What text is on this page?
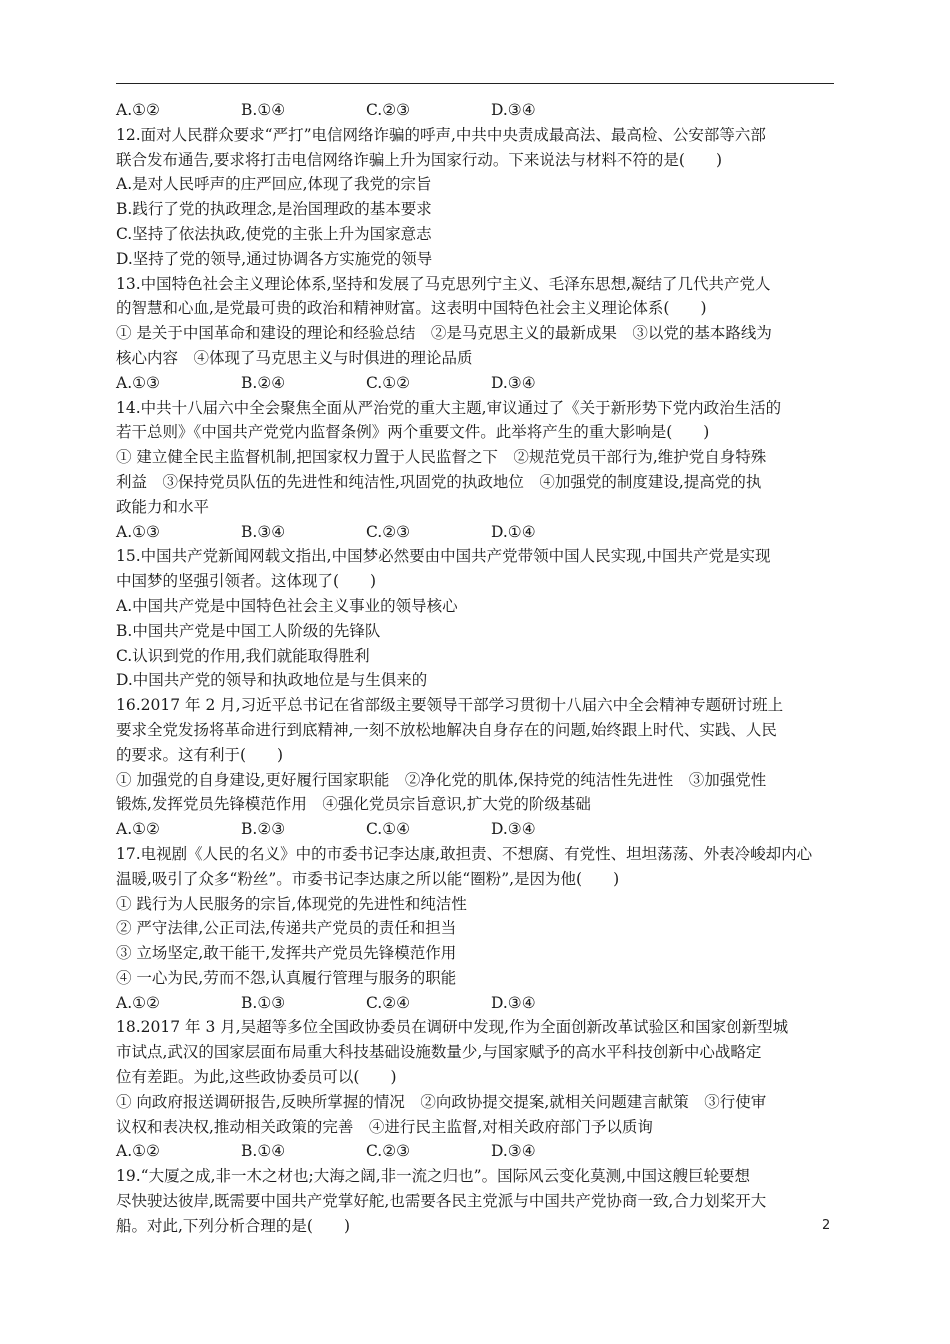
A.①②	B.①④	C.②③	D.③④
12.面对人民群众要求“严打”电信网络诈骗的呼声,中共中央责成最高法、最高检、公安部等六部
联合发布通告,要求将打击电信网络诈骗上升为国家行动。下来说法与材料不符的是(　　)
A.是对人民呼声的庄严回应,体现了我党的宗旨
B.践行了党的执政理念,是治国理政的基本要求
C.坚持了依法执政,使党的主张上升为国家意志
D.坚持了党的领导,通过协调各方实施党的领导
13.中国特色社会主义理论体系,坚持和发展了马克思列宁主义、毛泽东思想,凝结了几代共产党人
的智慧和心血,是党最可贵的政治和精神财富。这表明中国特色社会主义理论体系(　　)
① 是关于中国革命和建设的理论和经验总结　②是马克思主义的最新成果　③以党的基本路线为
核心内容　④体现了马克思主义与时俱进的理论品质
A.①③	B.②④	C.①②	D.③④
14.中共十八届六中全会聚焦全面从严治党的重大主题,审议通过了《关于新形势下党内政治生活的
若干总则》《中国共产党党内监督条例》两个重要文件。此举将产生的重大影响是(　　)
① 建立健全民主监督机制,把国家权力置于人民监督之下　②规范党员干部行为,维护党自身特殊
利益　③保持党员队伍的先进性和纯洁性,巩固党的执政地位　④加强党的制度建设,提高党的执
政能力和水平
A.①③	B.③④	C.②③	D.①④
15.中国共产党新闻网载文指出,中国梦必然要由中国共产党带领中国人民实现,中国共产党是实现
中国梦的坚强引领者。这体现了(　　)
A.中国共产党是中国特色社会主义事业的领导核心
B.中国共产党是中国工人阶级的先锋队
C.认识到党的作用,我们就能取得胜利
D.中国共产党的领导和执政地位是与生俱来的
16.2017 年 2 月,习近平总书记在省部级主要领导干部学习贯彻十八届六中全会精神专题研讨班上
要求全党发扬将革命进行到底精神,一刻不放松地解决自身存在的问题,始终跟上时代、实践、人民
的要求。这有利于(　　)
① 加强党的自身建设,更好履行国家职能　②净化党的肌体,保持党的纯洁性先进性　③加强党性
锻炼,发挥党员先锋模范作用　④强化党员宗旨意识,扩大党的阶级基础
A.①②	B.②③	C.①④	D.③④
17.电视剧《人民的名义》中的市委书记李达康,敢担责、不想腐、有党性、坦坦荡荡、外表冷峻却内心
温暖,吸引了众多“粉丝”。市委书记李达康之所以能“圈粉”,是因为他(　　)
① 践行为人民服务的宗旨,体现党的先进性和纯洁性
② 严守法律,公正司法,传递共产党员的责任和担当
③ 立场坚定,敢干能干,发挥共产党员先锋模范作用
④ 一心为民,劳而不怨,认真履行管理与服务的职能
A.①②	B.①③	C.②④	D.③④
18.2017 年 3 月,吴超等多位全国政协委员在调研中发现,作为全面创新改革试验区和国家创新型城
市试点,武汉的国家层面布局重大科技基础设施数量少,与国家赋予的高水平科技创新中心战略定
位有差距。为此,这些政协委员可以(　　)
① 向政府报送调研报告,反映所掌握的情况　②向政协提交提案,就相关问题建言献策　③行使审
议权和表决权,推动相关政策的完善　④进行民主监督,对相关政府部门予以质询
A.①②	B.①④	C.②③	D.③④
19.“大厦之成,非一木之材也;大海之阔,非一流之归也”。国际风云变化莫测,中国这艘巨轮要想
尽快驶达彼岸,既需要中国共产党掌好舵,也需要各民主党派与中国共产党协商一致,合力划桨开大
船。对此,下列分析合理的是(　　)	2
